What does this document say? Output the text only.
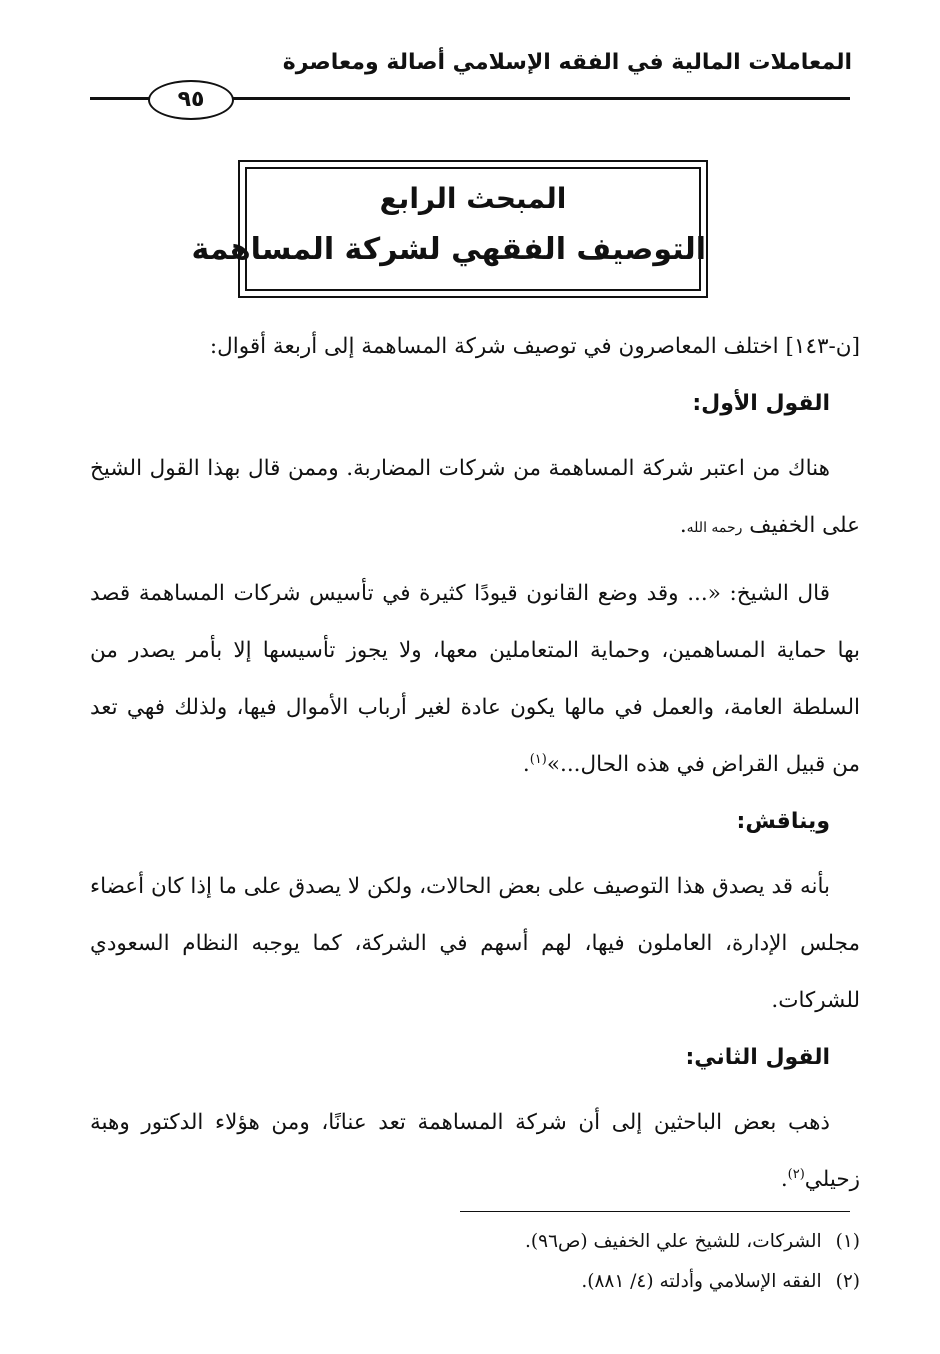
المعاملات المالية في الفقه الإسلامي أصالة ومعاصرة
٩٥
المبحث الرابع
التوصيف الفقهي لشركة المساهمة

[ن-١٤٣] اختلف المعاصرون في توصيف شركة المساهمة إلى أربعة أقوال:

القول الأول:

هناك من اعتبر شركة المساهمة من شركات المضاربة. وممن قال بهذا القول الشيخ على الخفيف رحمه الله.

قال الشيخ: «... وقد وضع القانون قيودًا كثيرة في تأسيس شركات المساهمة قصد بها حماية المساهمين، وحماية المتعاملين معها، ولا يجوز تأسيسها إلا بأمر يصدر من السلطة العامة، والعمل في مالها يكون عادة لغير أرباب الأموال فيها، ولذلك فهي تعد من قبيل القراض في هذه الحال...»$^{(١)}$.

ويناقش:

بأنه قد يصدق هذا التوصيف على بعض الحالات، ولكن لا يصدق على ما إذا كان أعضاء مجلس الإدارة، العاملون فيها، لهم أسهم في الشركة، كما يوجبه النظام السعودي للشركات.

القول الثاني:

ذهب بعض الباحثين إلى أن شركة المساهمة تعد عنانًا، ومن هؤلاء الدكتور وهبة زحيلي$^{(٢)}$.

(١)الشركات، للشيخ علي الخفيف (ص٩٦).
(٢)الفقه الإسلامي وأدلته (٤/ ٨٨١).
